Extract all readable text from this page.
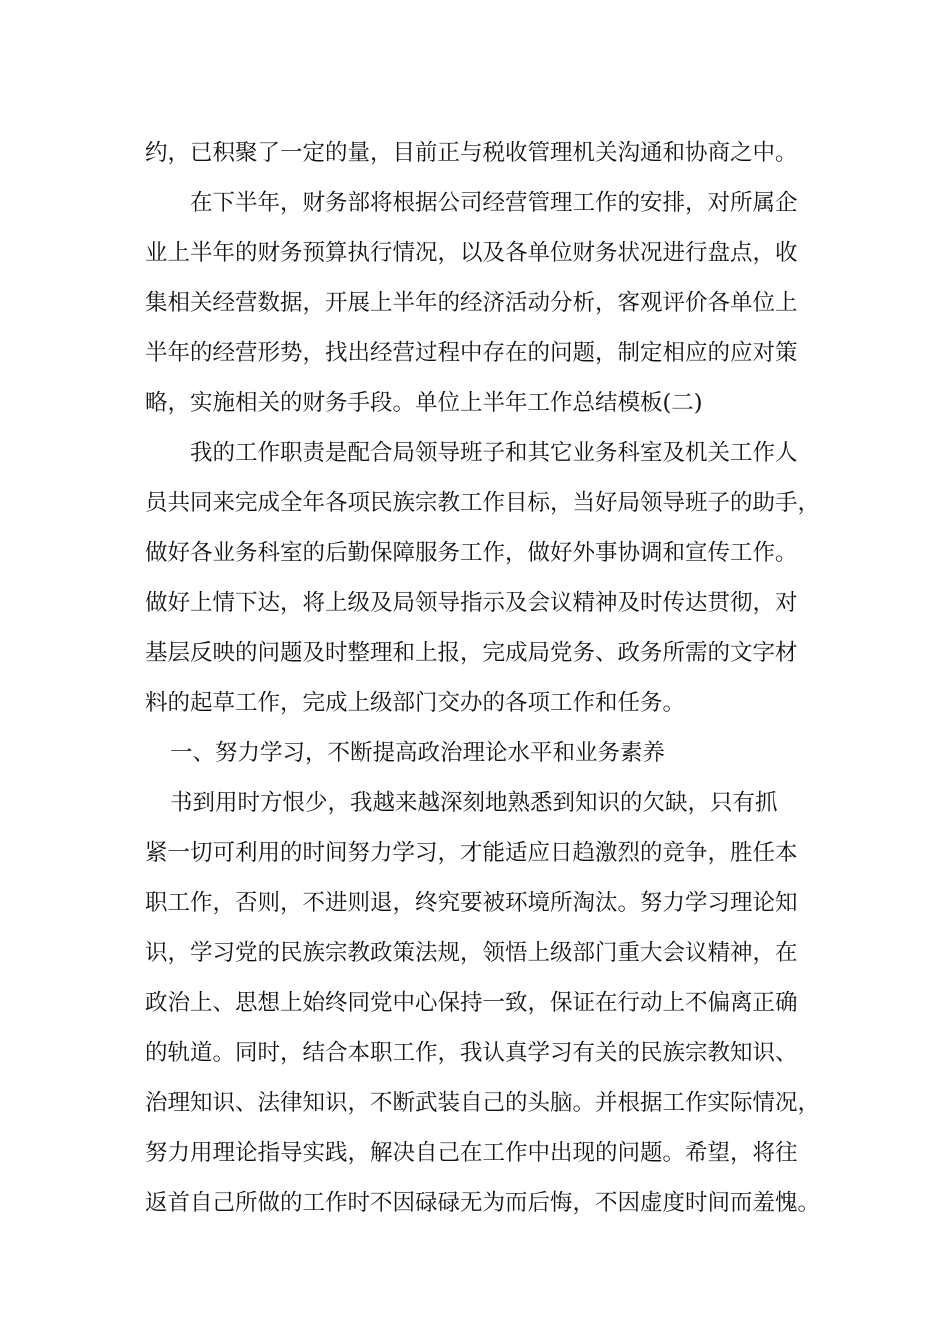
约，已积聚了一定的量，目前正与税收管理机关沟通和协商之中。
在下半年，财务部将根据公司经营管理工作的安排，对所属企
业上半年的财务预算执行情况，以及各单位财务状况进行盘点，收
集相关经营数据，开展上半年的经济活动分析，客观评价各单位上
半年的经营形势，找出经营过程中存在的问题，制定相应的应对策
略，实施相关的财务手段。单位上半年工作总结模板(二)
我的工作职责是配合局领导班子和其它业务科室及机关工作人
员共同来完成全年各项民族宗教工作目标，当好局领导班子的助手，
做好各业务科室的后勤保障服务工作，做好外事协调和宣传工作。
做好上情下达，将上级及局领导指示及会议精神及时传达贯彻，对
基层反映的问题及时整理和上报，完成局党务、政务所需的文字材
料的起草工作，完成上级部门交办的各项工作和任务。
一、努力学习，不断提高政治理论水平和业务素养
书到用时方恨少，我越来越深刻地熟悉到知识的欠缺，只有抓
紧一切可利用的时间努力学习，才能适应日趋激烈的竞争，胜任本
职工作，否则，不进则退，终究要被环境所淘汰。努力学习理论知
识，学习党的民族宗教政策法规，领悟上级部门重大会议精神，在
政治上、思想上始终同党中心保持一致，保证在行动上不偏离正确
的轨道。同时，结合本职工作，我认真学习有关的民族宗教知识、
治理知识、法律知识，不断武装自己的头脑。并根据工作实际情况，
努力用理论指导实践，解决自己在工作中出现的问题。希望，将往
返首自己所做的工作时不因碌碌无为而后悔，不因虚度时间而羞愧。
